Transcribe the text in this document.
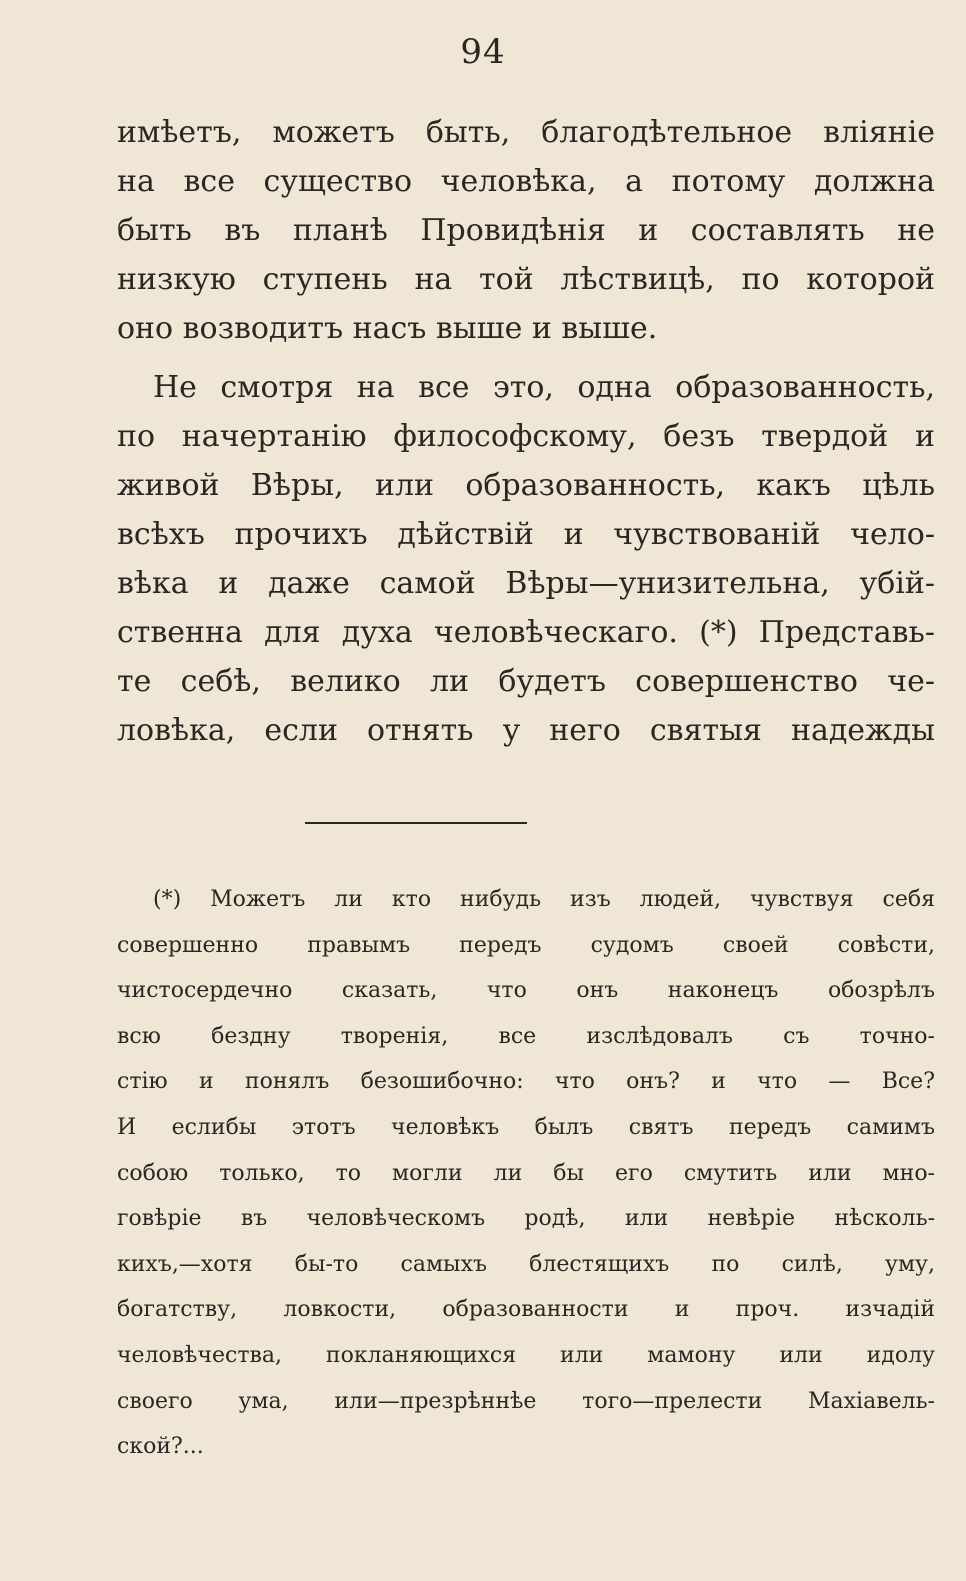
94
имѣетъ, можетъ быть, благодѣтельное вліяніе
на все существо человѣка, а потому должна
быть въ планѣ Провидѣнія и составлять не
низкую ступень на той лѣствицѣ, по которой
оно возводитъ насъ выше и выше.
Не смотря на все это, одна образованность,
по начертанію философскому, безъ твердой и
живой Вѣры, или образованность, какъ цѣль
всѣхъ прочихъ дѣйствій и чувствованій чело-
вѣка и даже самой Вѣры—унизительна, убій-
ственна для духа человѣческаго. (*) Представь-
те себѣ, велико ли будетъ совершенство че-
ловѣка, если отнять у него святыя надежды
(*) Можетъ ли кто нибудь изъ людей, чувствуя себя
совершенно правымъ передъ судомъ своей совѣсти,
чистосердечно сказать, что онъ наконецъ обозрѣлъ
всю бездну творенія, все изслѣдовалъ съ точно-
стію и понялъ безошибочно: что онъ? и что — Все?
И еслибы этотъ человѣкъ былъ святъ передъ самимъ
собою только, то могли ли бы его смутить или мно-
говѣріе въ человѣческомъ родѣ, или невѣріе нѣсколь-
кихъ,—хотя бы-то самыхъ блестящихъ по силѣ, уму,
богатству, ловкости, образованности и проч. изчадій
человѣчества, покланяющихся или мамону или идолу
своего ума, или—презрѣннѣе того—прелести Махіавель-
ской?...
